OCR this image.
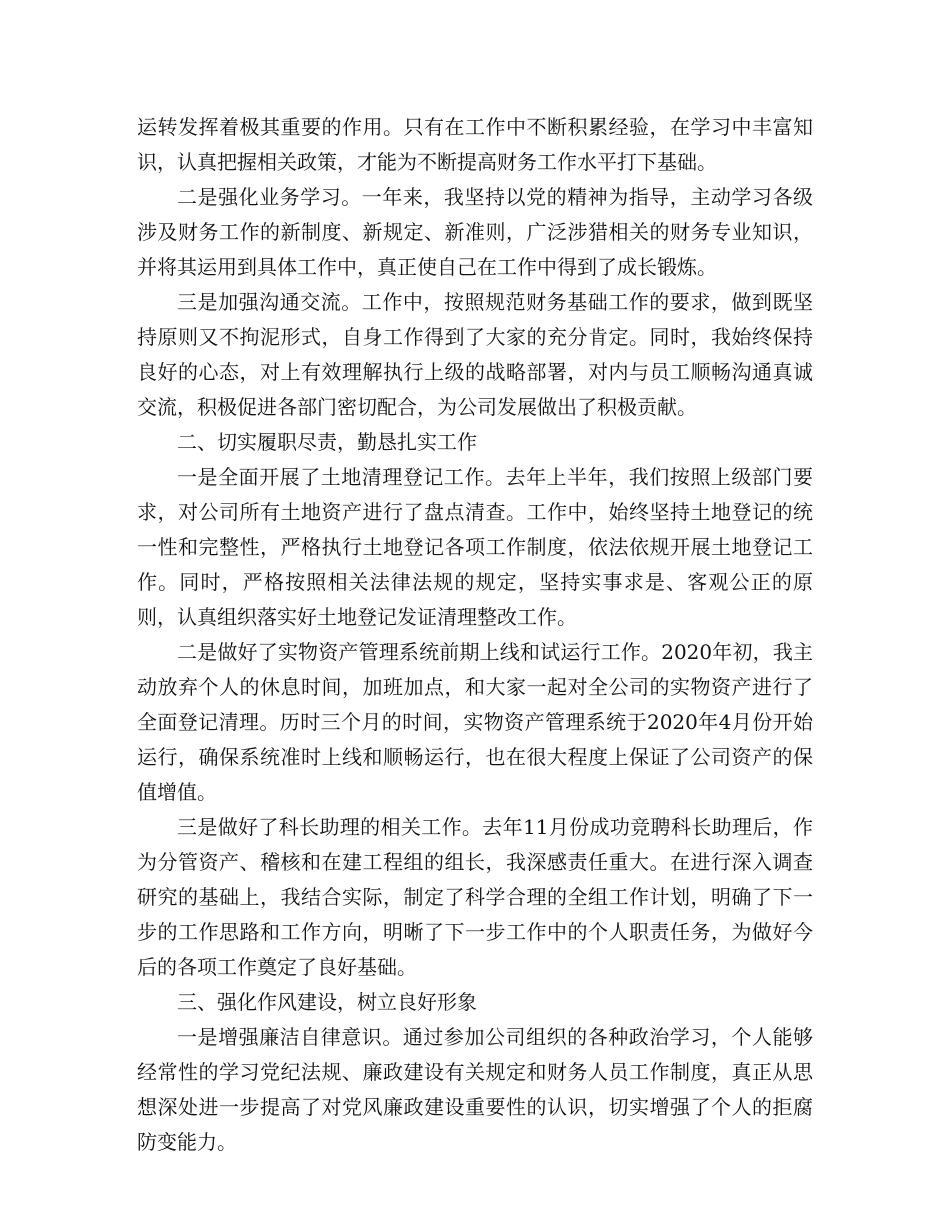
运转发挥着极其重要的作用。只有在工作中不断积累经验，在学习中丰富知识，认真把握相关政策，才能为不断提高财务工作水平打下基础。

二是强化业务学习。一年来，我坚持以党的精神为指导，主动学习各级涉及财务工作的新制度、新规定、新准则，广泛涉猎相关的财务专业知识，并将其运用到具体工作中，真正使自己在工作中得到了成长锻炼。

三是加强沟通交流。工作中，按照规范财务基础工作的要求，做到既坚持原则又不拘泥形式，自身工作得到了大家的充分肯定。同时，我始终保持良好的心态，对上有效理解执行上级的战略部署，对内与员工顺畅沟通真诚交流，积极促进各部门密切配合，为公司发展做出了积极贡献。

二、切实履职尽责，勤恳扎实工作

一是全面开展了土地清理登记工作。去年上半年，我们按照上级部门要求，对公司所有土地资产进行了盘点清查。工作中，始终坚持土地登记的统一性和完整性，严格执行土地登记各项工作制度，依法依规开展土地登记工作。同时，严格按照相关法律法规的规定，坚持实事求是、客观公正的原则，认真组织落实好土地登记发证清理整改工作。

二是做好了实物资产管理系统前期上线和试运行工作。2020年初，我主动放弃个人的休息时间，加班加点，和大家一起对全公司的实物资产进行了全面登记清理。历时三个月的时间，实物资产管理系统于2020年4月份开始运行，确保系统准时上线和顺畅运行，也在很大程度上保证了公司资产的保值增值。

三是做好了科长助理的相关工作。去年11月份成功竞聘科长助理后，作为分管资产、稽核和在建工程组的组长，我深感责任重大。在进行深入调查研究的基础上，我结合实际，制定了科学合理的全组工作计划，明确了下一步的工作思路和工作方向，明晰了下一步工作中的个人职责任务，为做好今后的各项工作奠定了良好基础。

三、强化作风建设，树立良好形象

一是增强廉洁自律意识。通过参加公司组织的各种政治学习，个人能够经常性的学习党纪法规、廉政建设有关规定和财务人员工作制度，真正从思想深处进一步提高了对党风廉政建设重要性的认识，切实增强了个人的拒腐防变能力。
